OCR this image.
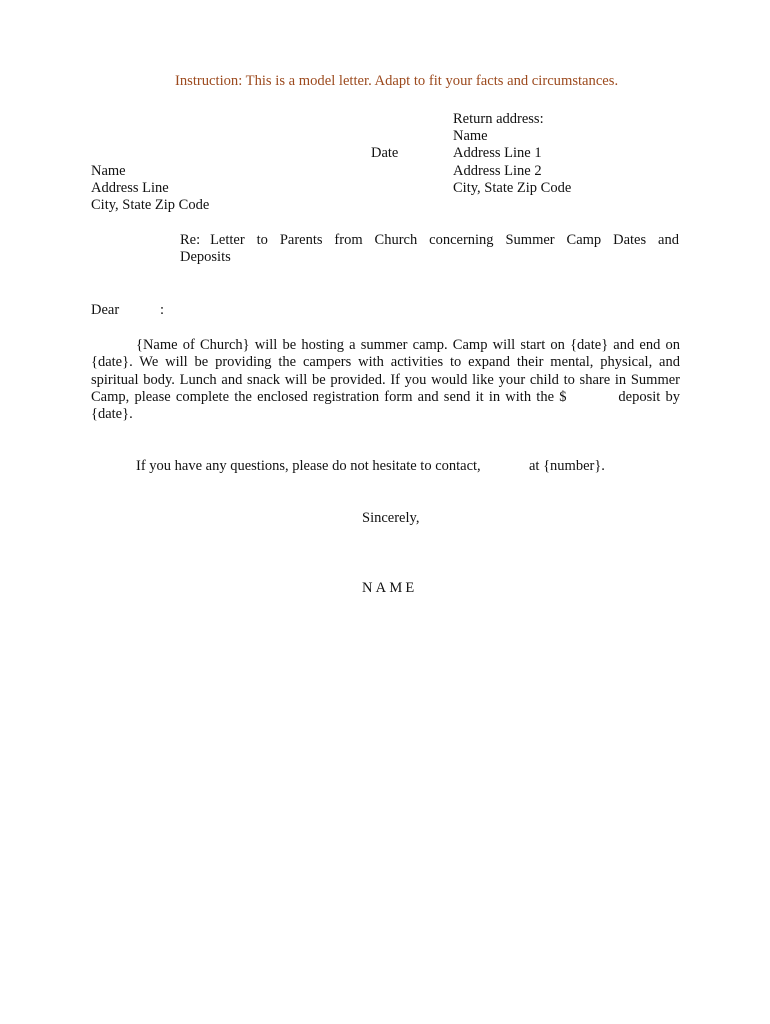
Instruction: This is a model letter. Adapt to fit your facts and circumstances.
Return address:
Name
Address Line 1
Address Line 2
City, State Zip Code
Date
Name
Address Line
City, State Zip Code
Re: Letter to Parents from Church concerning Summer Camp Dates and
Deposits
Dear	:
{Name of Church} will be hosting a summer camp. Camp will start on {date} and end on
{date}. We will be providing the campers with activities to expand their mental, physical, and
spiritual body. Lunch and snack will be provided. If you would like your child to share in Summer
Camp, please complete the enclosed registration form and send it in with the $          deposit by
{date}.
If you have any questions, please do not hesitate to contact,	at {number}.
Sincerely,
NAME
